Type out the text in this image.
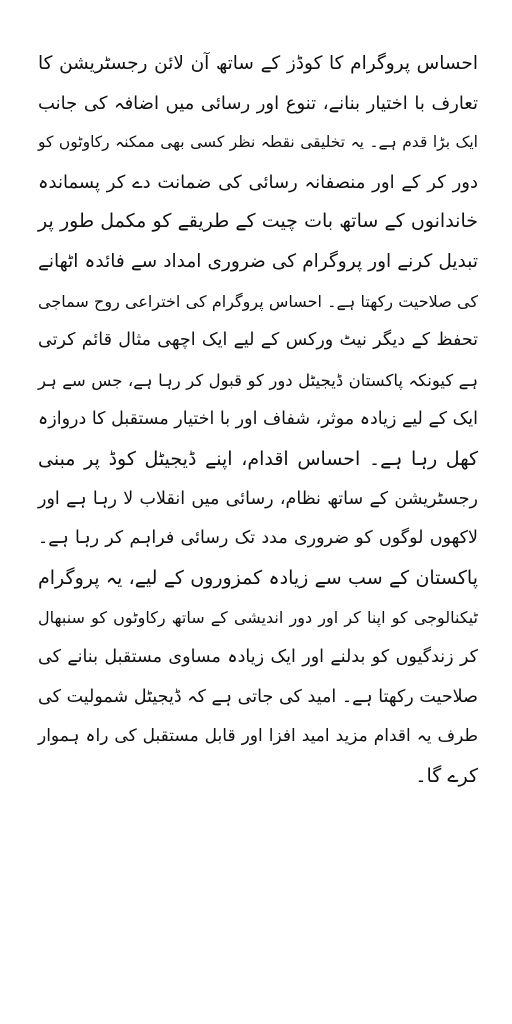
احساس پروگرام کا کوڈز کے ساتھ آن لائن رجسٹریشن کا
تعارف با اختیار بنانے، تنوع اور رسائی میں اضافہ کی جانب
ایک بڑا قدم ہے۔ یہ تخلیقی نقطہ نظر کسی بھی ممکنہ رکاوٹوں کو
دور کر کے اور منصفانہ رسائی کی ضمانت دے کر پسماندہ
خاندانوں کے ساتھ بات چیت کے طریقے کو مکمل طور پر
تبدیل کرنے اور پروگرام کی ضروری امداد سے فائدہ اٹھانے
کی صلاحیت رکھتا ہے۔ احساس پروگرام کی اختراعی روح سماجی
تحفظ کے دیگر نیٹ ورکس کے لیے ایک اچھی مثال قائم کرتی
ہے کیونکہ پاکستان ڈیجیٹل دور کو قبول کر رہا ہے، جس سے ہر
ایک کے لیے زیادہ موثر، شفاف اور با اختیار مستقبل کا دروازہ
کھل رہا ہے۔ احساس اقدام، اپنے ڈیجیٹل کوڈ پر مبنی
رجسٹریشن کے ساتھ نظام، رسائی میں انقلاب لا رہا ہے اور
لاکھوں لوگوں کو ضروری مدد تک رسائی فراہم کر رہا ہے۔
پاکستان کے سب سے زیادہ کمزوروں کے لیے، یہ پروگرام
ٹیکنالوجی کو اپنا کر اور دور اندیشی کے ساتھ رکاوٹوں کو سنبھال
کر زندگیوں کو بدلنے اور ایک زیادہ مساوی مستقبل بنانے کی
صلاحیت رکھتا ہے۔ امید کی جاتی ہے کہ ڈیجیٹل شمولیت کی
طرف یہ اقدام مزید امید افزا اور قابل مستقبل کی راہ ہموار
کرے گا۔
